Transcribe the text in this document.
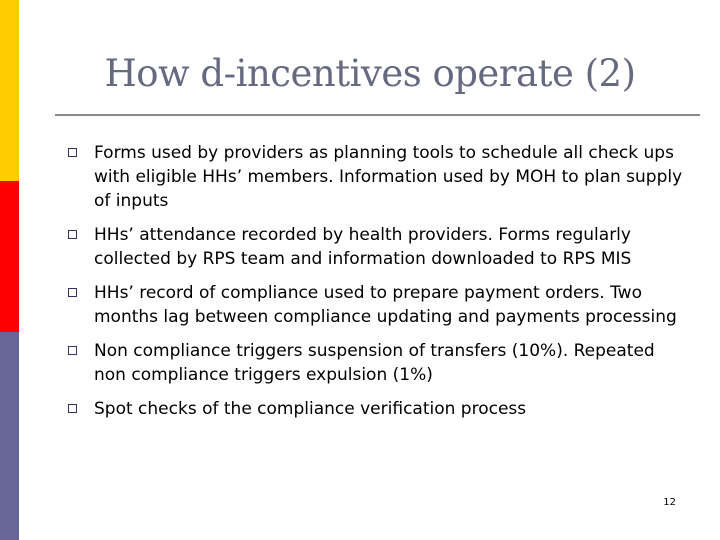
How d-incentives operate (2)
Forms used by providers as planning tools to schedule all check ups with eligible HHs’ members. Information used by MOH to plan supply of inputs
HHs’ attendance recorded by health providers. Forms regularly collected by RPS team and information downloaded to RPS MIS
HHs’ record of compliance used to prepare payment orders. Two months lag between compliance updating and payments processing
Non compliance triggers suspension of transfers (10%). Repeated non compliance triggers expulsion (1%)
Spot checks of the compliance verification process
12
